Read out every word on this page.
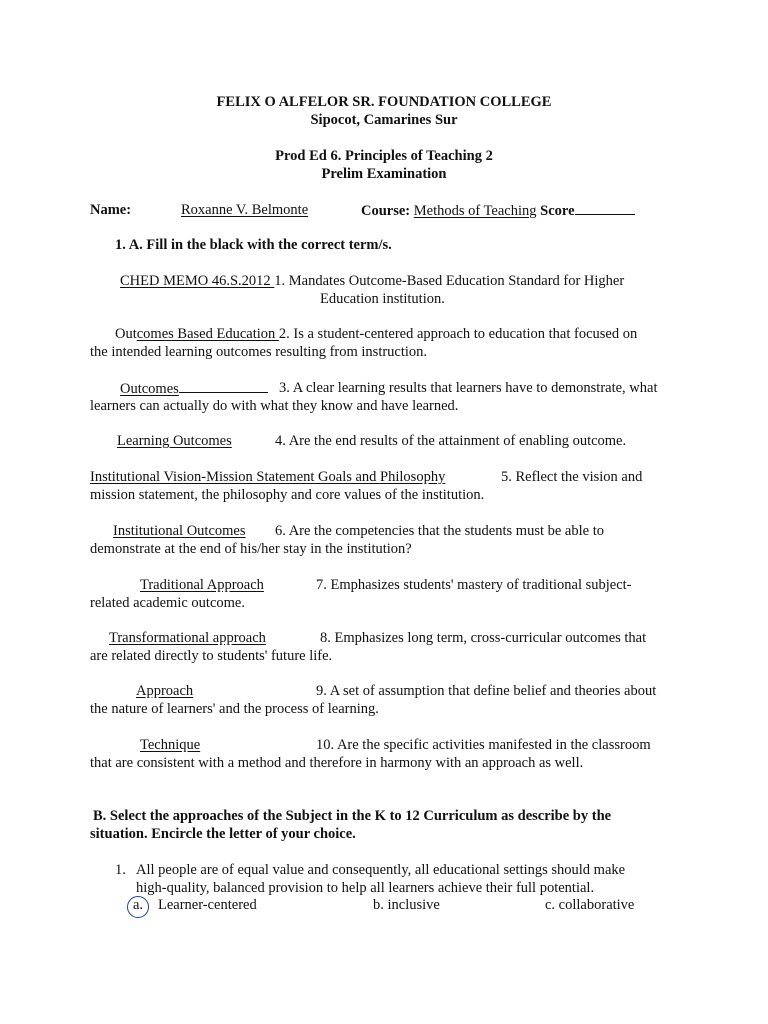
FELIX O ALFELOR SR. FOUNDATION COLLEGE
Sipocot, Camarines Sur
Prod Ed 6. Principles of Teaching 2
Prelim Examination
Name:	Roxanne V. Belmonte	Course: Methods of Teaching Score
1. A. Fill in the black with the correct term/s.
CHED MEMO 46.S.2012 1. Mandates Outcome-Based Education Standard for Higher
Education institution.
Outcomes Based Education 2. Is a student-centered approach to education that focused on
the intended learning outcomes resulting from instruction.
Outcomes	3. A clear learning results that learners have to demonstrate, what
learners can actually do with what they know and have learned.
Learning Outcomes	4. Are the end results of the attainment of enabling outcome.
Institutional Vision-Mission Statement Goals and Philosophy	5. Reflect the vision and
mission statement, the philosophy and core values of the institution.
Institutional Outcomes 6. Are the competencies that the students must be able to
demonstrate at the end of his/her stay in the institution?
Traditional Approach	7. Emphasizes students' mastery of traditional subject-
related academic outcome.
Transformational approach	8. Emphasizes long term, cross-curricular outcomes that
are related directly to students' future life.
Approach	9. A set of assumption that define belief and theories about
the nature of learners' and the process of learning.
Technique	10. Are the specific activities manifested in the classroom
that are consistent with a method and therefore in harmony with an approach as well.
B. Select the approaches of the Subject in the K to 12 Curriculum as describe by the
situation. Encircle the letter of your choice.
1. All people are of equal value and consequently, all educational settings should make
high-quality, balanced provision to help all learners achieve their full potential.
a. Learner-centered	b. inclusive	c. collaborative
